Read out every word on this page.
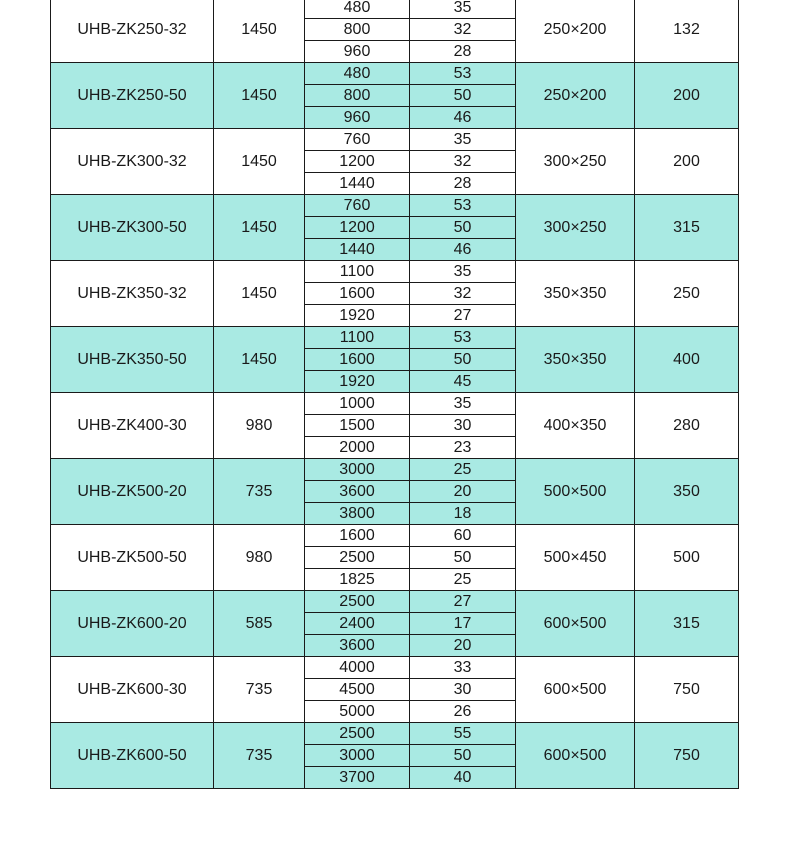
UHB-ZK250-32	1450	480	35	250×200	132
		800	32		
		960	28		
UHB-ZK250-50	1450	480	53	250×200	200
		800	50		
		960	46		
UHB-ZK300-32	1450	760	35	300×250	200
		1200	32		
		1440	28		
UHB-ZK300-50	1450	760	53	300×250	315
		1200	50		
		1440	46		
UHB-ZK350-32	1450	1100	35	350×350	250
		1600	32		
		1920	27		
UHB-ZK350-50	1450	1100	53	350×350	400
		1600	50		
		1920	45		
UHB-ZK400-30	980	1000	35	400×350	280
		1500	30		
		2000	23		
UHB-ZK500-20	735	3000	25	500×500	350
		3600	20		
		3800	18		
UHB-ZK500-50	980	1600	60	500×450	500
		2500	50		
		1825	25		
UHB-ZK600-20	585	2500	27	600×500	315
		2400	17		
		3600	20		
UHB-ZK600-30	735	4000	33	600×500	750
		4500	30		
		5000	26		
UHB-ZK600-50	735	2500	55	600×500	750
		3000	50		
		3700	40		
